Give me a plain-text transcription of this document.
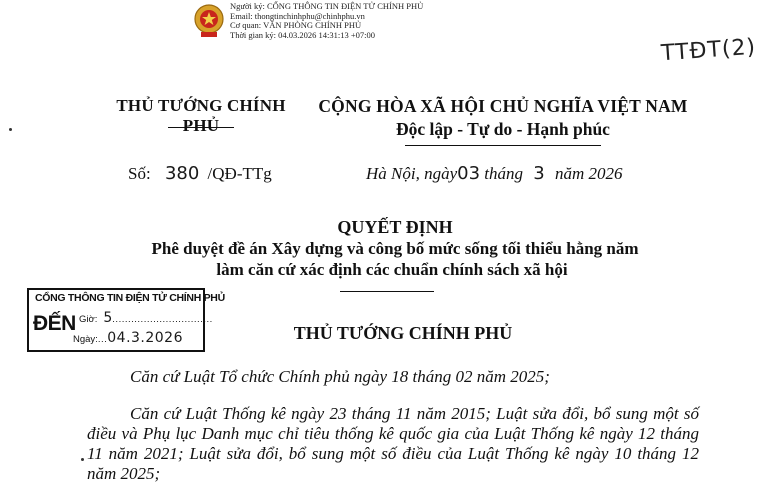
Người ký: CỔNG THÔNG TIN ĐIỆN TỬ CHÍNH PHỦ
Email: thongtinchinhphu@chinhphu.vn
Cơ quan: VĂN PHÒNG CHÍNH PHỦ
Thời gian ký: 04.03.2026 14:31:13 +07:00
TTĐT(2)
THỦ TƯỚNG CHÍNH PHỦ
CỘNG HÒA XÃ HỘI CHỦ NGHĨA VIỆT NAM
Độc lập - Tự do - Hạnh phúc
Số: 380 /QĐ-TTg	Hà Nội, ngày03 tháng 3 năm 2026
QUYẾT ĐỊNH
Phê duyệt đề án Xây dựng và công bố mức sống tối thiểu hằng năm
làm căn cứ xác định các chuẩn chính sách xã hội
CỔNG THÔNG TIN ĐIỆN TỬ CHÍNH PHỦ
ĐẾN Giờ: 5................................
Ngày:...04.3.2026	THỦ TƯỚNG CHÍNH PHỦ
Căn cứ Luật Tổ chức Chính phủ ngày 18 tháng 02 năm 2025;
Căn cứ Luật Thống kê ngày 23 tháng 11 năm 2015; Luật sửa đổi, bổ sung một số điều và Phụ lục Danh mục chỉ tiêu thống kê quốc gia của Luật Thống kê ngày 12 tháng 11 năm 2021; Luật sửa đổi, bổ sung một số điều của Luật Thống kê ngày 10 tháng 12 năm 2025;
